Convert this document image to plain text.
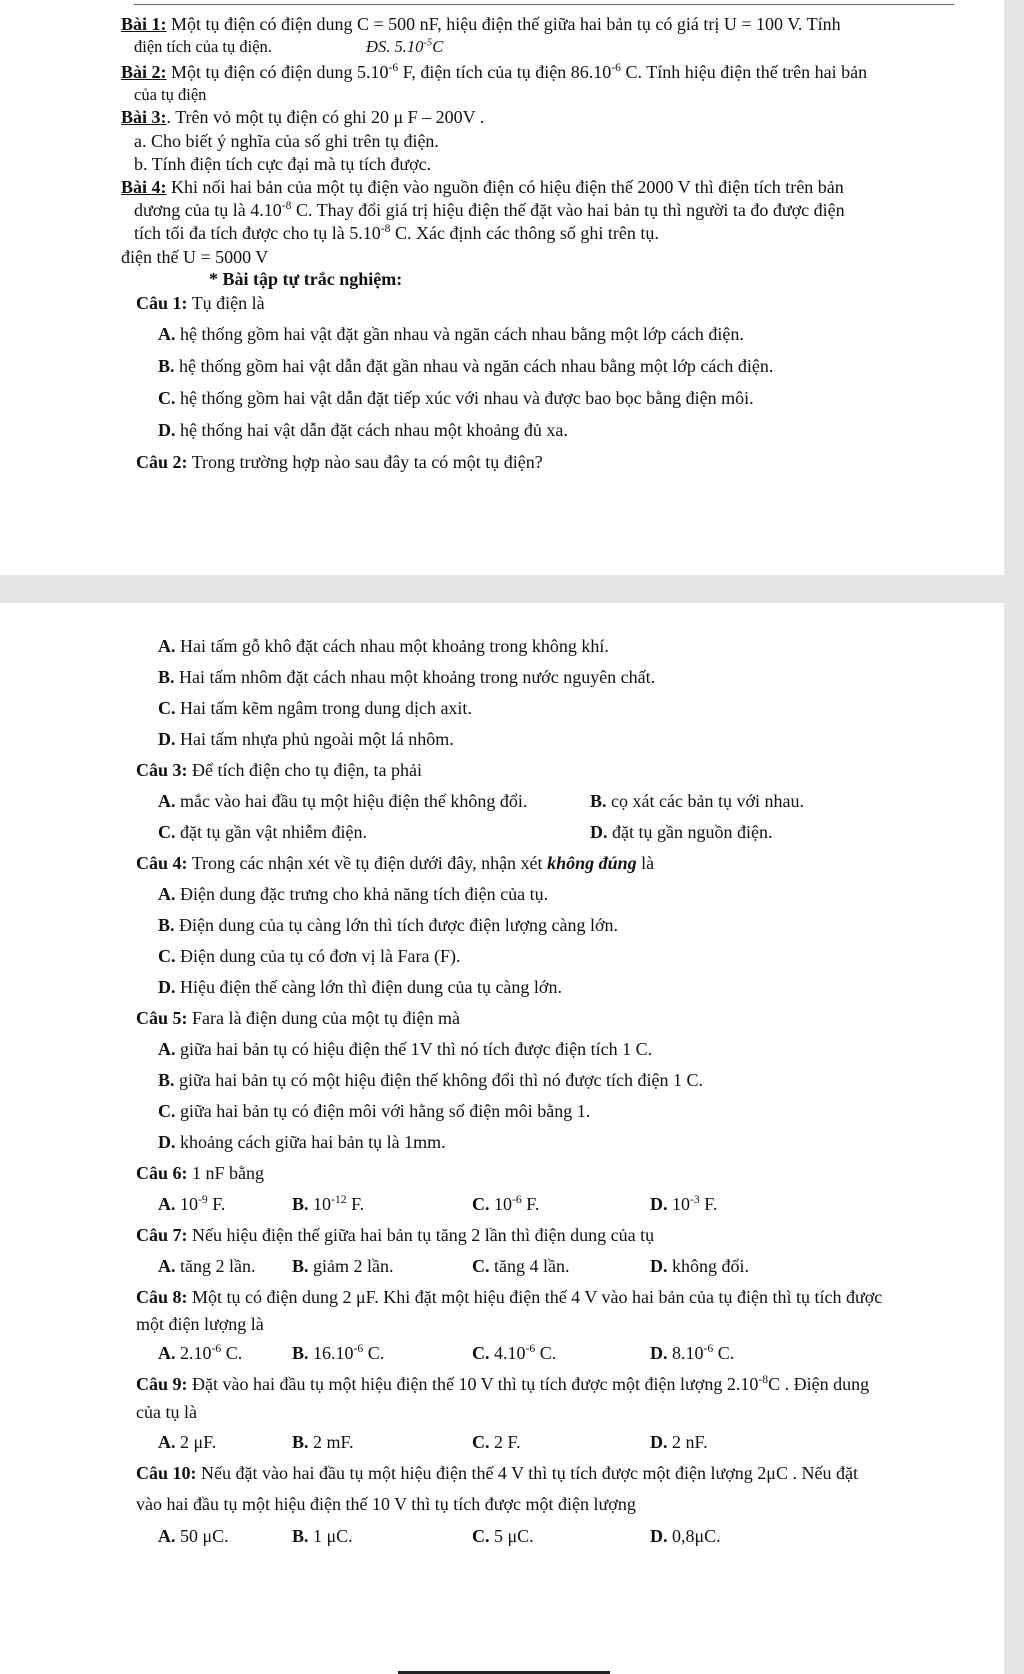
Bài 1: Một tụ điện có điện dung C = 500 nF, hiệu điện thế giữa hai bản tụ có giá trị U = 100 V. Tính
điện tích của tụ điện.	ĐS. $5.10^{-5}C$
Bài 2: Một tụ điện có điện dung $5.10^{-6}$ F, điện tích của tụ điện $86.10^{-6}$ C. Tính hiệu điện thế trên hai bản
của tụ điện
Bài 3:. Trên vỏ một tụ điện có ghi 20 μ F – 200V .
a. Cho biết ý nghĩa của số ghi trên tụ điện.
b. Tính điện tích cực đại mà tụ tích được.
Bài 4: Khi nối hai bản của một tụ điện vào nguồn điện có hiệu điện thế 2000 V thì điện tích trên bản
dương của tụ là $4.10^{-8}$ C. Thay đổi giá trị hiệu điện thế đặt vào hai bản tụ thì người ta đo được điện
tích tối đa tích được cho tụ là $5.10^{-8}$ C. Xác định các thông số ghi trên tụ.
điện thế U = 5000 V
* Bài tập tự trắc nghiệm:
Câu 1: Tụ điện là
A. hệ thống gồm hai vật đặt gần nhau và ngăn cách nhau bằng một lớp cách điện.
B. hệ thống gồm hai vật dẫn đặt gần nhau và ngăn cách nhau bằng một lớp cách điện.
C. hệ thống gồm hai vật dẫn đặt tiếp xúc với nhau và được bao bọc bằng điện môi.
D. hệ thống hai vật dẫn đặt cách nhau một khoảng đủ xa.
Câu 2: Trong trường hợp nào sau đây ta có một tụ điện?
A. Hai tấm gỗ khô đặt cách nhau một khoảng trong không khí.
B. Hai tấm nhôm đặt cách nhau một khoảng trong nước nguyên chất.
C. Hai tấm kẽm ngâm trong dung dịch axit.
D. Hai tấm nhựa phủ ngoài một lá nhôm.
Câu 3: Để tích điện cho tụ điện, ta phải
A. mắc vào hai đầu tụ một hiệu điện thế không đổi.	B. cọ xát các bản tụ với nhau.
C. đặt tụ gần vật nhiễm điện.	D. đặt tụ gần nguồn điện.
Câu 4: Trong các nhận xét về tụ điện dưới đây, nhận xét không đúng là
A. Điện dung đặc trưng cho khả năng tích điện của tụ.
B. Điện dung của tụ càng lớn thì tích được điện lượng càng lớn.
C. Điện dung của tụ có đơn vị là Fara (F).
D. Hiệu điện thế càng lớn thì điện dung của tụ càng lớn.
Câu 5: Fara là điện dung của một tụ điện mà
A. giữa hai bản tụ có hiệu điện thế 1V thì nó tích được điện tích 1 C.
B. giữa hai bản tụ có một hiệu điện thế không đổi thì nó được tích điện 1 C.
C. giữa hai bản tụ có điện môi với hằng số điện môi bằng 1.
D. khoảng cách giữa hai bản tụ là 1mm.
Câu 6: 1 nF bằng
A. $10^{-9}$ F.	B. $10^{-12}$ F.	C. $10^{-6}$ F.	D. $10^{-3}$ F.
Câu 7: Nếu hiệu điện thế giữa hai bản tụ tăng 2 lần thì điện dung của tụ
A. tăng 2 lần. B. giảm 2 lần.	C. tăng 4 lần.	D. không đổi.
Câu 8: Một tụ có điện dung 2 μF. Khi đặt một hiệu điện thế 4 V vào hai bản của tụ điện thì tụ tích được
một điện lượng là
A. $2.10^{-6}$ C.	B. $16.10^{-6}$ C.	C. $4.10^{-6}$ C.	D. $8.10^{-6}$ C.
Câu 9: Đặt vào hai đầu tụ một hiệu điện thế 10 V thì tụ tích được một điện lượng $2.10^{-8}C$ . Điện dung
của tụ là
A. 2 μF.	B. 2 mF.	C. 2 F.	D. 2 nF.
Câu 10: Nếu đặt vào hai đầu tụ một hiệu điện thế 4 V thì tụ tích được một điện lượng 2μC . Nếu đặt
vào hai đầu tụ một hiệu điện thế 10 V thì tụ tích được một điện lượng
A. 50 μC.	B. 1 μC.	C. 5 μC.	D. 0,8μC.
